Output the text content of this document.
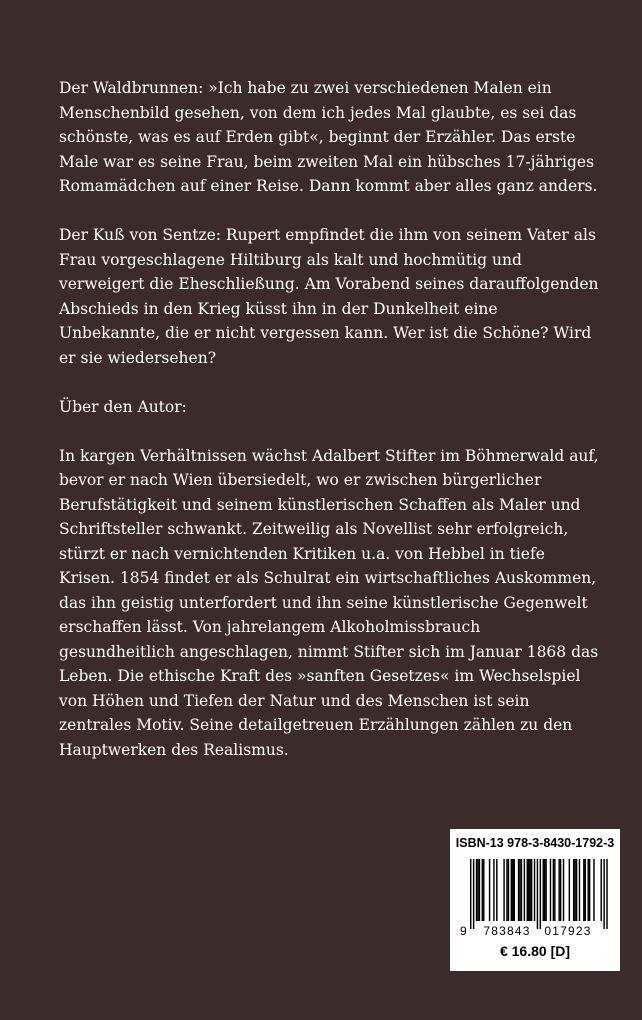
Der Waldbrunnen: »Ich habe zu zwei verschiedenen Malen ein Menschenbild gesehen, von dem ich jedes Mal glaubte, es sei das schönste, was es auf Erden gibt«, beginnt der Erzähler. Das erste Male war es seine Frau, beim zweiten Mal ein hübsches 17-jähriges Romamädchen auf einer Reise. Dann kommt aber alles ganz anders.

Der Kuß von Sentze: Rupert empfindet die ihm von seinem Vater als Frau vorgeschlagene Hiltiburg als kalt und hochmütig und verweigert die Eheschließung. Am Vorabend seines darauffolgenden Abschieds in den Krieg küsst ihn in der Dunkelheit eine Unbekannte, die er nicht vergessen kann. Wer ist die Schöne? Wird er sie wiedersehen?

Über den Autor:

In kargen Verhältnissen wächst Adalbert Stifter im Böhmerwald auf, bevor er nach Wien übersiedelt, wo er zwischen bürgerlicher Berufstätigkeit und seinem künstlerischen Schaffen als Maler und Schriftsteller schwankt. Zeitweilig als Novellist sehr erfolgreich, stürzt er nach vernichtenden Kritiken u.a. von Hebbel in tiefe Krisen. 1854 findet er als Schulrat ein wirtschaftliches Auskommen, das ihn geistig unterfordert und ihn seine künstlerische Gegenwelt erschaffen lässt. Von jahrelangem Alkoholmissbrauch gesundheitlich angeschlagen, nimmt Stifter sich im Januar 1868 das Leben. Die ethische Kraft des »sanften Gesetzes« im Wechselspiel von Höhen und Tiefen der Natur und des Menschen ist sein zentrales Motiv. Seine detailgetreuen Erzählungen zählen zu den Hauptwerken des Realismus.

ISBN-13 978-3-8430-1792-3
9 783843 017923
€ 16.80 [D]
